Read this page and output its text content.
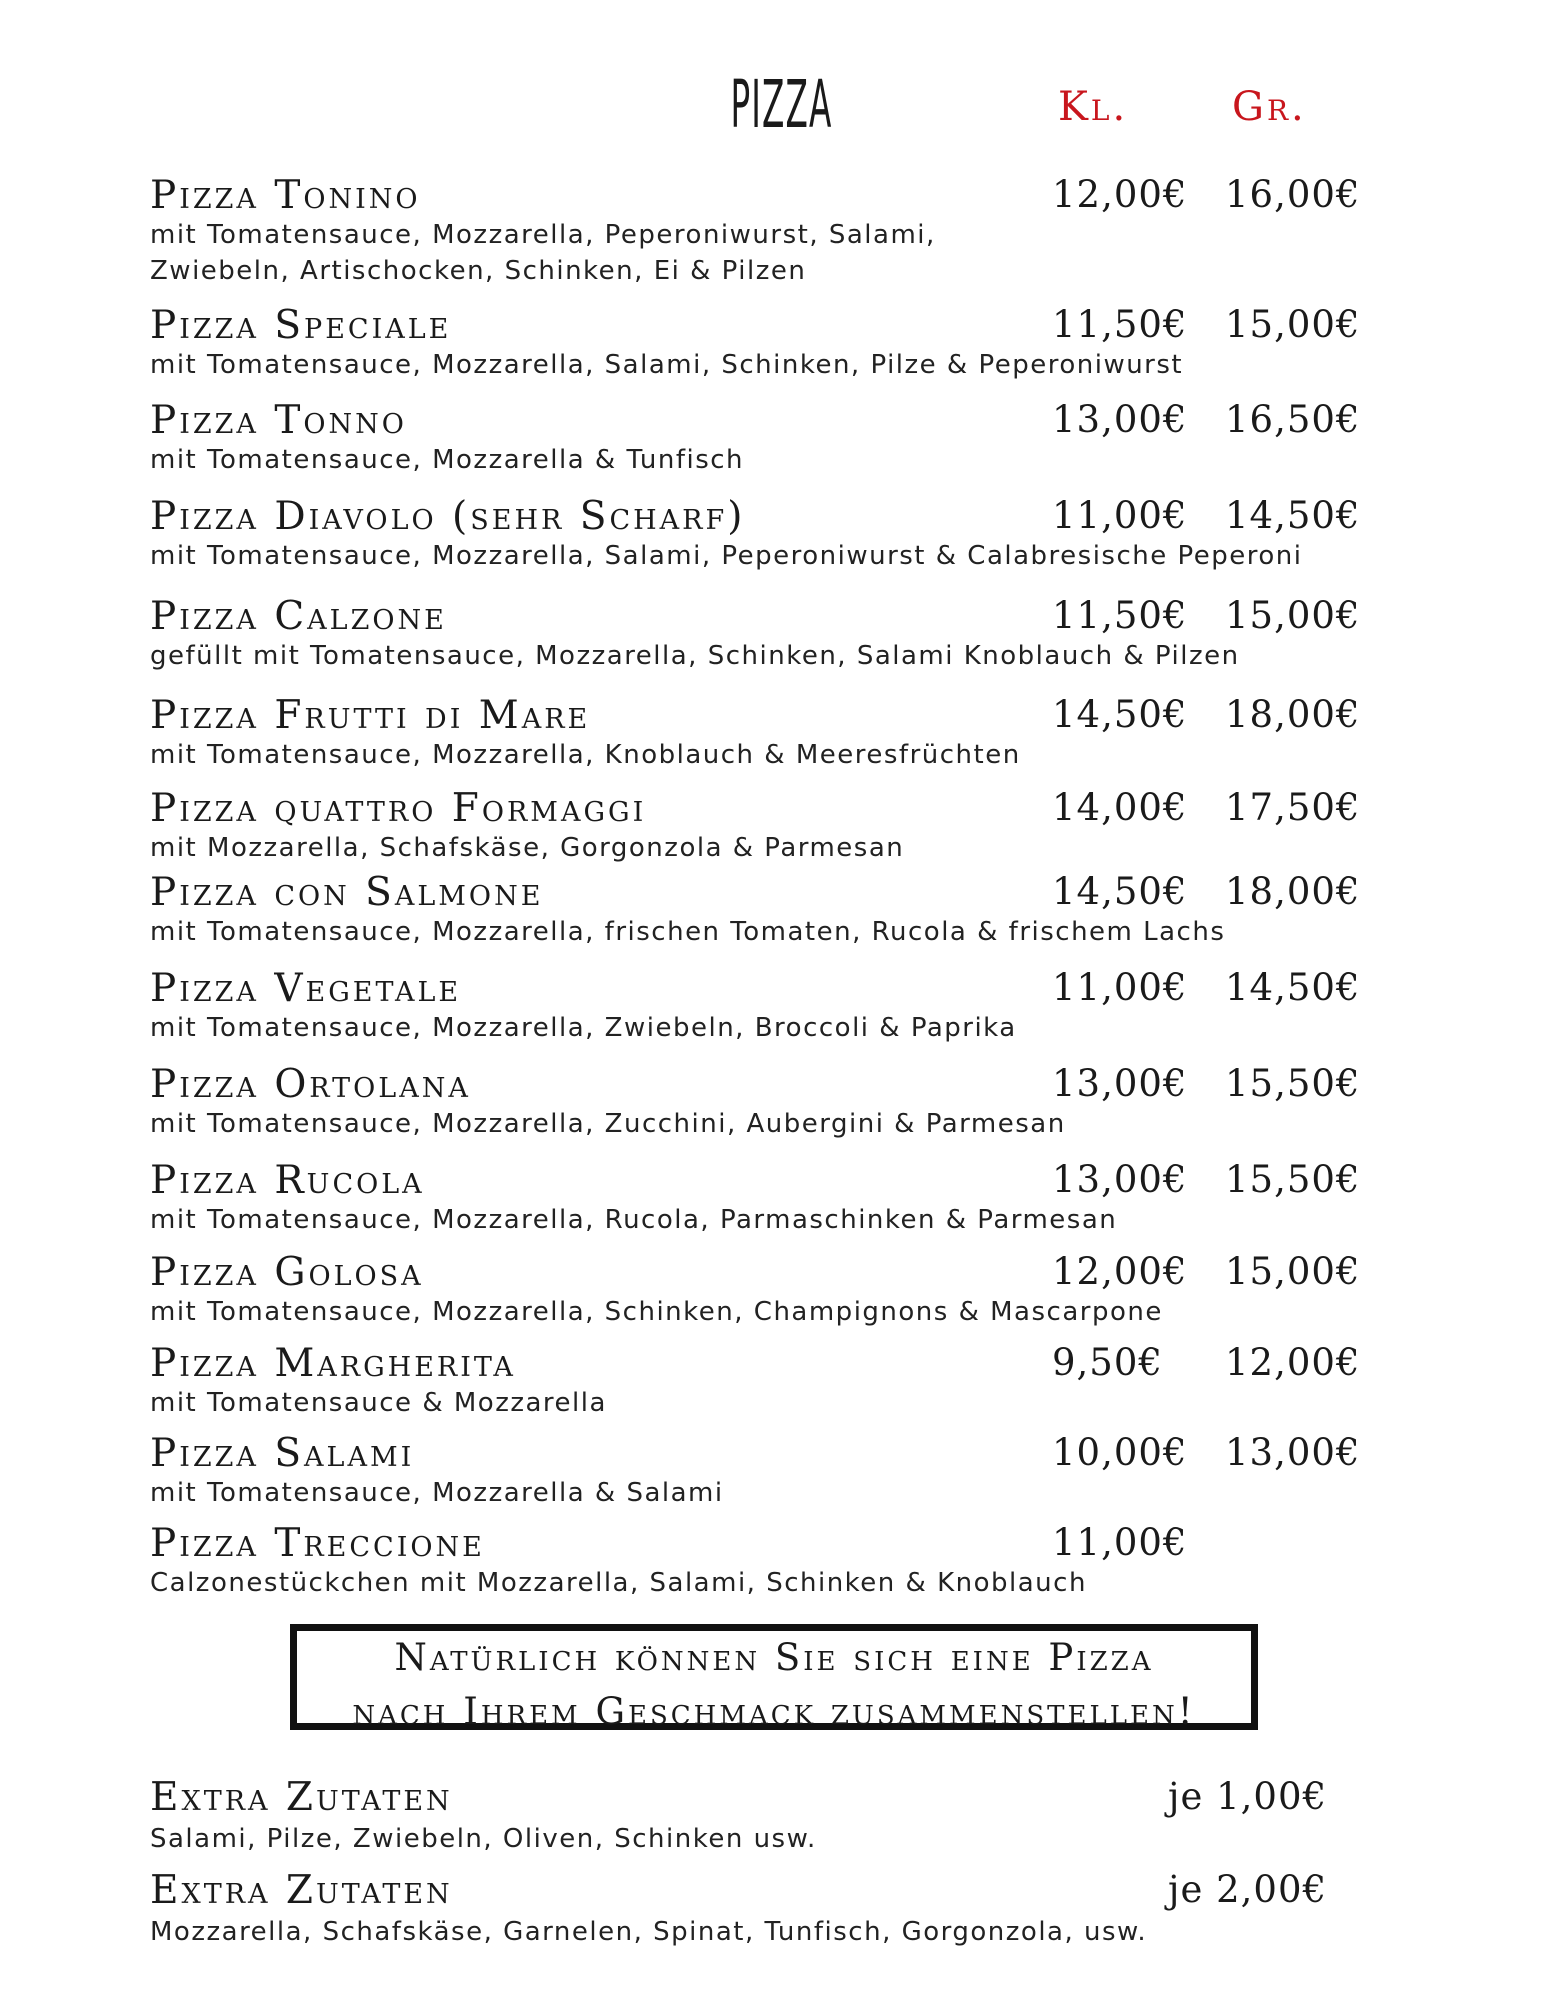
PIZZA	Kl.	Gr.
Pizza Tonino	12,00€ 16,00€
mit Tomatensauce, Mozzarella, Peperoniwurst, Salami,
Zwiebeln, Artischocken, Schinken, Ei & Pilzen
Pizza Speciale	11,50€ 15,00€
mit Tomatensauce, Mozzarella, Salami, Schinken, Pilze & Peperoniwurst
Pizza Tonno	13,00€ 16,50€
mit Tomatensauce, Mozzarella & Tunfisch
Pizza Diavolo (sehr Scharf)	11,00€ 14,50€
mit Tomatensauce, Mozzarella, Salami, Peperoniwurst & Calabresische Peperoni
Pizza Calzone	11,50€ 15,00€
gefüllt mit Tomatensauce, Mozzarella, Schinken, Salami Knoblauch & Pilzen
Pizza Frutti di Mare	14,50€ 18,00€
mit Tomatensauce, Mozzarella, Knoblauch & Meeresfrüchten
Pizza quattro Formaggi	14,00€ 17,50€
mit Mozzarella, Schafskäse, Gorgonzola & Parmesan
Pizza con Salmone	14,50€ 18,00€
mit Tomatensauce, Mozzarella, frischen Tomaten, Rucola & frischem Lachs
Pizza Vegetale	11,00€ 14,50€
mit Tomatensauce, Mozzarella, Zwiebeln, Broccoli & Paprika
Pizza Ortolana	13,00€ 15,50€
mit Tomatensauce, Mozzarella, Zucchini, Aubergini & Parmesan
Pizza Rucola	13,00€ 15,50€
mit Tomatensauce, Mozzarella, Rucola, Parmaschinken & Parmesan
Pizza Golosa	12,00€ 15,00€
mit Tomatensauce, Mozzarella, Schinken, Champignons & Mascarpone
Pizza Margherita	9,50€ 12,00€
mit Tomatensauce & Mozzarella
Pizza Salami	10,00€ 13,00€
mit Tomatensauce, Mozzarella & Salami
Pizza Treccione	11,00€
Calzonestückchen mit Mozzarella, Salami, Schinken & Knoblauch
Natürlich können Sie sich eine Pizza
nach Ihrem Geschmack zusammenstellen!
Extra Zutaten	je 1,00€
Salami, Pilze, Zwiebeln, Oliven, Schinken usw.
Extra Zutaten	je 2,00€
Mozzarella, Schafskäse, Garnelen, Spinat, Tunfisch, Gorgonzola, usw.
